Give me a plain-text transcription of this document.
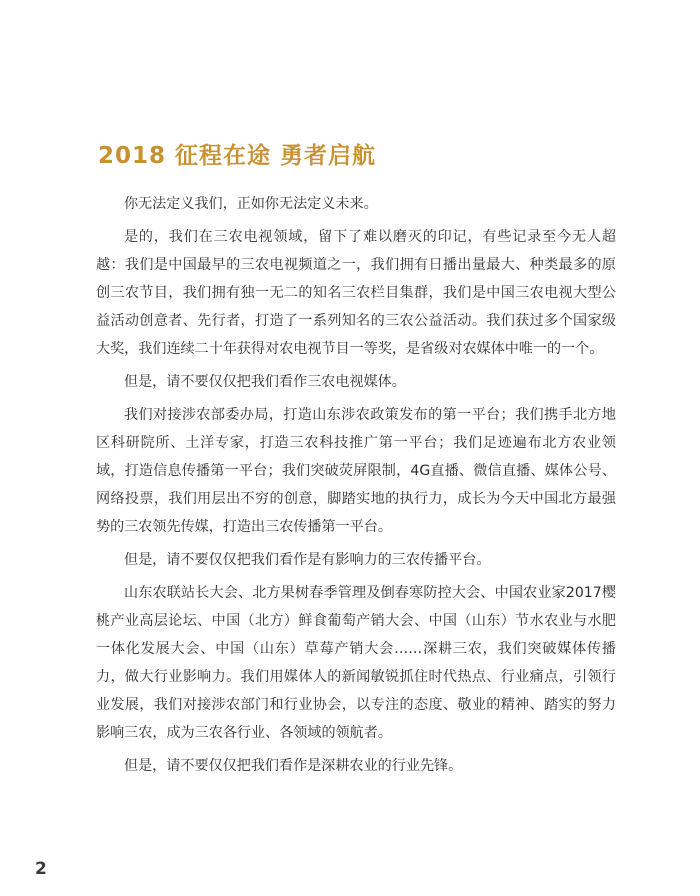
2018 征程在途 勇者启航

你无法定义我们，正如你无法定义未来。

是的，我们在三农电视领域，留下了难以磨灭的印记，有些记录至今无人超越：我们是中国最早的三农电视频道之一，我们拥有日播出量最大、种类最多的原创三农节目，我们拥有独一无二的知名三农栏目集群，我们是中国三农电视大型公益活动创意者、先行者，打造了一系列知名的三农公益活动。我们获过多个国家级大奖，我们连续二十年获得对农电视节目一等奖，是省级对农媒体中唯一的一个。

但是，请不要仅仅把我们看作三农电视媒体。

我们对接涉农部委办局，打造山东涉农政策发布的第一平台；我们携手北方地区科研院所、土洋专家，打造三农科技推广第一平台；我们足迹遍布北方农业领域，打造信息传播第一平台；我们突破荧屏限制，4G直播、微信直播、媒体公号、网络投票，我们用层出不穷的创意，脚踏实地的执行力，成长为今天中国北方最强势的三农领先传媒，打造出三农传播第一平台。

但是，请不要仅仅把我们看作是有影响力的三农传播平台。

山东农联站长大会、北方果树春季管理及倒春寒防控大会、中国农业家2017樱桃产业高层论坛、中国（北方）鲜食葡萄产销大会、中国（山东）节水农业与水肥一体化发展大会、中国（山东）草莓产销大会……深耕三农，我们突破媒体传播力，做大行业影响力。我们用媒体人的新闻敏锐抓住时代热点、行业痛点，引领行业发展，我们对接涉农部门和行业协会，以专注的态度、敬业的精神、踏实的努力影响三农，成为三农各行业、各领域的领航者。

但是，请不要仅仅把我们看作是深耕农业的行业先锋。

2
